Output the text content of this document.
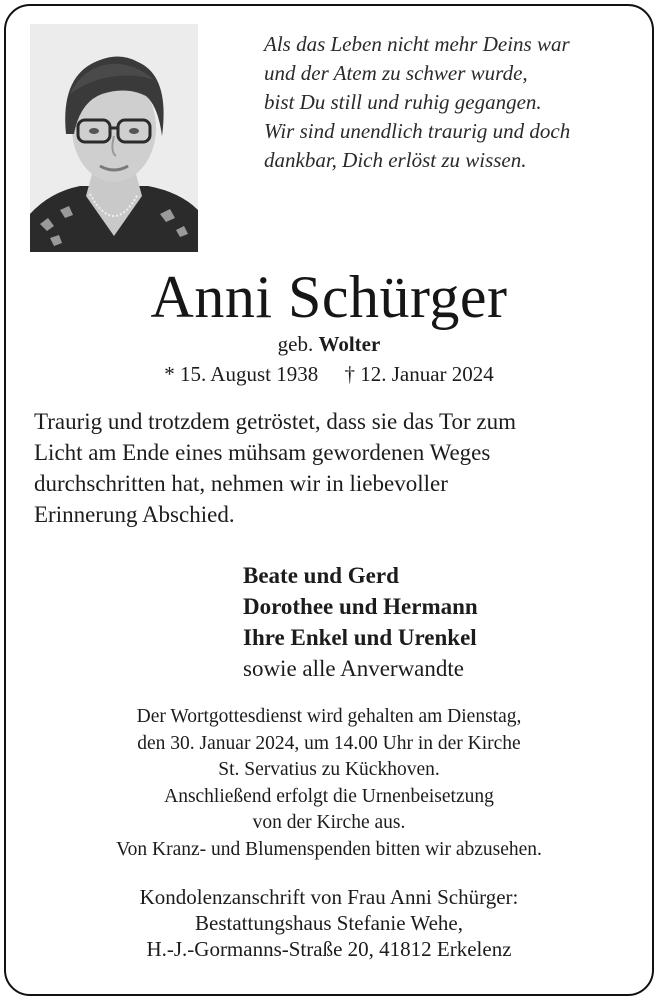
Als das Leben nicht mehr Deins war
und der Atem zu schwer wurde,
bist Du still und ruhig gegangen.
Wir sind unendlich traurig und doch
dankbar, Dich erlöst zu wissen.
Anni Schürger
geb. Wolter
* 15. August 1938 † 12. Januar 2024
Traurig und trotzdem getröstet, dass sie das Tor zum
Licht am Ende eines mühsam gewordenen Weges
durchschritten hat, nehmen wir in liebevoller
Erinnerung Abschied.
Beate und Gerd
Dorothee und Hermann
Ihre Enkel und Urenkel
sowie alle Anverwandte
Der Wortgottesdienst wird gehalten am Dienstag,
den 30. Januar 2024, um 14.00 Uhr in der Kirche
St. Servatius zu Kückhoven.
Anschließend erfolgt die Urnenbeisetzung
von der Kirche aus.
Von Kranz- und Blumenspenden bitten wir abzusehen.
Kondolenzanschrift von Frau Anni Schürger:
Bestattungshaus Stefanie Wehe,
H.-J.-Gormanns-Straße 20, 41812 Erkelenz
